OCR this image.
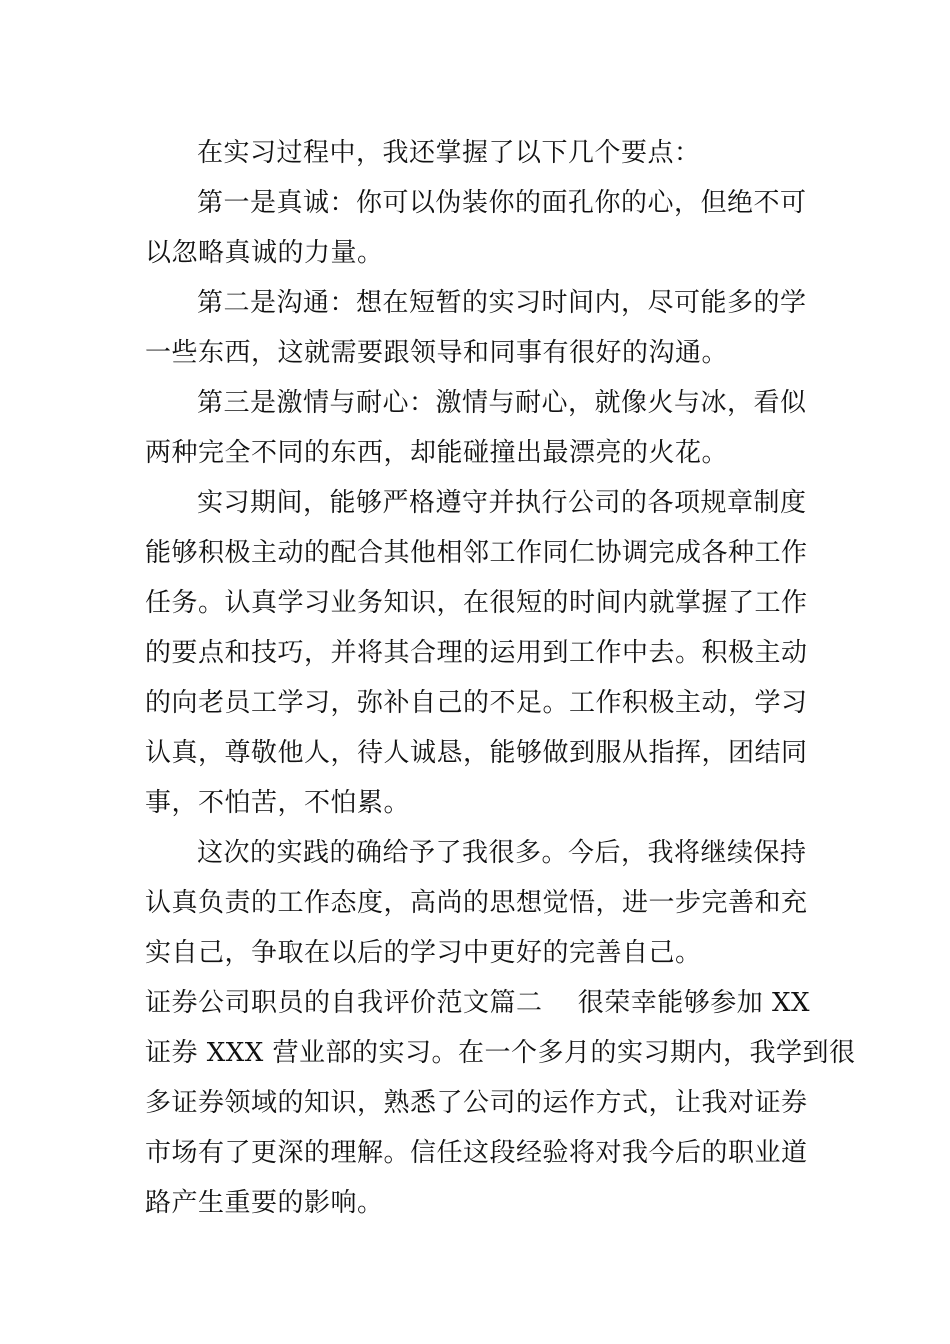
在实习过程中，我还掌握了以下几个要点：
第一是真诚：你可以伪装你的面孔你的心，但绝不可
以忽略真诚的力量。
第二是沟通：想在短暂的实习时间内，尽可能多的学
一些东西，这就需要跟领导和同事有很好的沟通。
第三是激情与耐心：激情与耐心，就像火与冰，看似
两种完全不同的东西，却能碰撞出最漂亮的火花。
实习期间，能够严格遵守并执行公司的各项规章制度
能够积极主动的配合其他相邻工作同仁协调完成各种工作
任务。认真学习业务知识，在很短的时间内就掌握了工作
的要点和技巧，并将其合理的运用到工作中去。积极主动
的向老员工学习，弥补自己的不足。工作积极主动，学习
认真，尊敬他人，待人诚恳，能够做到服从指挥，团结同
事，不怕苦，不怕累。
这次的实践的确给予了我很多。今后，我将继续保持
认真负责的工作态度，高尚的思想觉悟，进一步完善和充
实自己，争取在以后的学习中更好的完善自己。
证券公司职员的自我评价范文篇二 很荣幸能够参加 XX
证券 XXX 营业部的实习。在一个多月的实习期内，我学到很
多证券领域的知识，熟悉了公司的运作方式，让我对证券
市场有了更深的理解。信任这段经验将对我今后的职业道
路产生重要的影响。
